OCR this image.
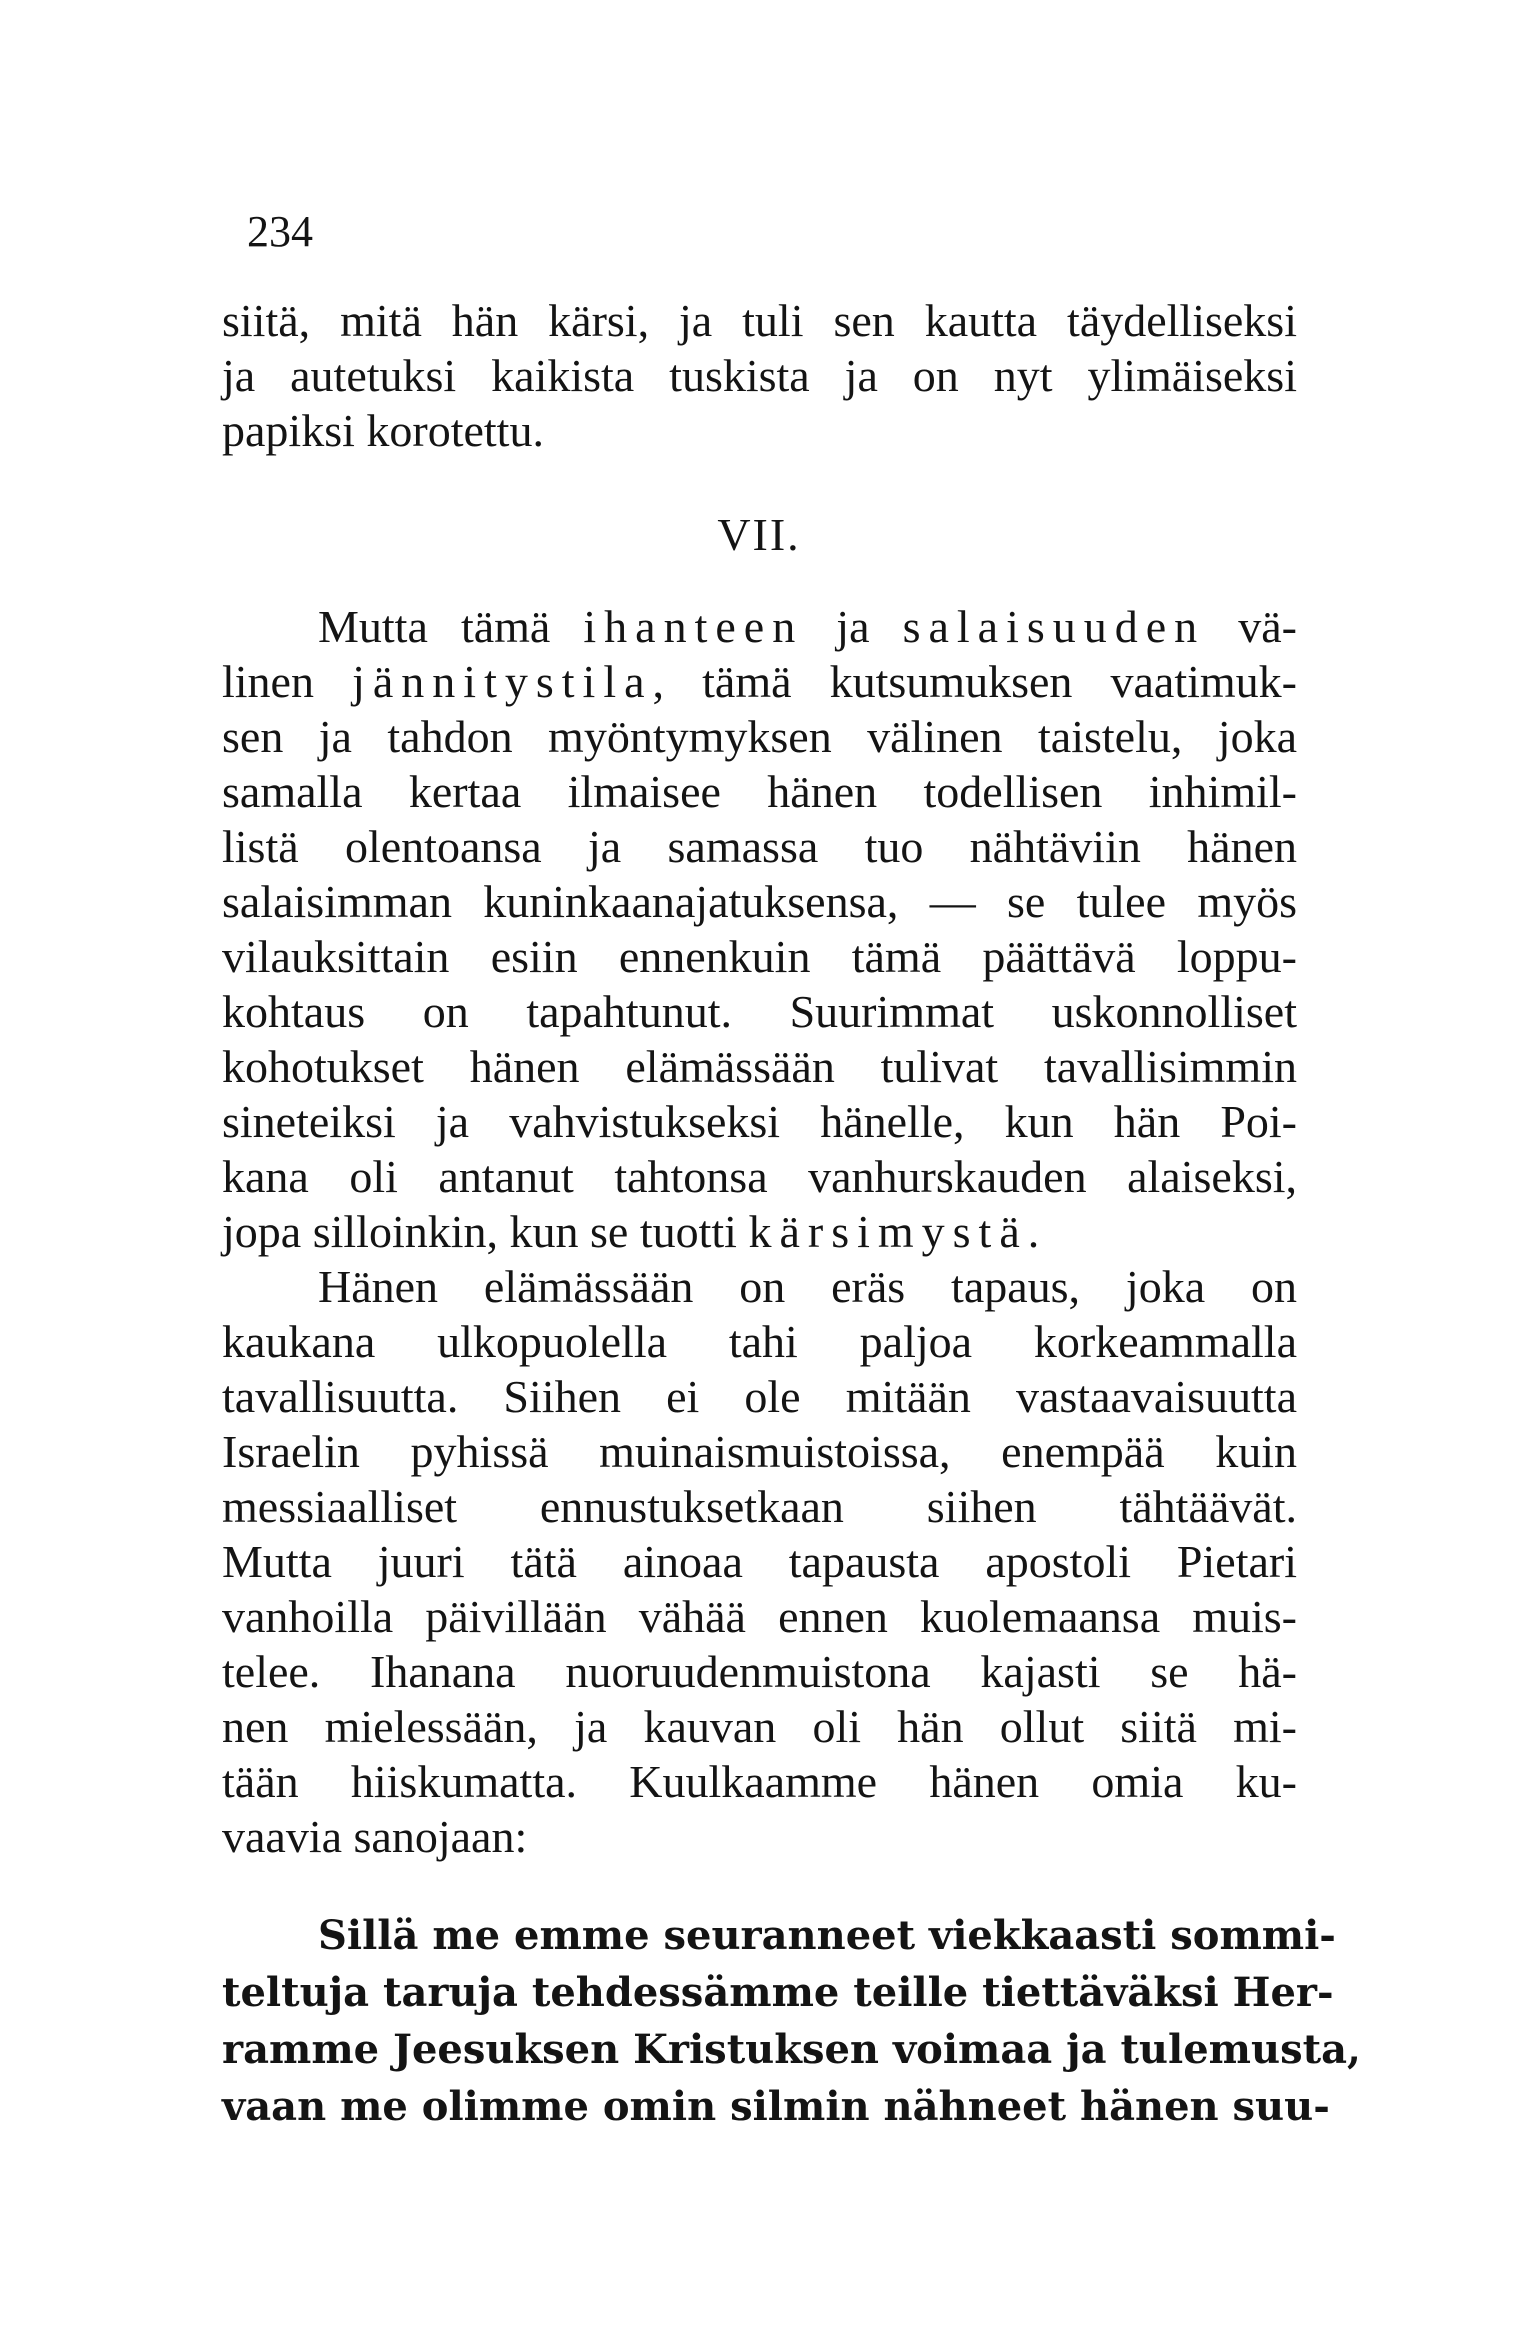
234
siitä, mitä hän kärsi, ja tuli sen kautta täydelliseksi
ja autetuksi kaikista tuskista ja on nyt ylimäiseksi
papiksi korotettu.
VII.
Mutta tämä ihanteen ja salaisuuden vä-
linen jännitystila, tämä kutsumuksen vaatimuk-
sen ja tahdon myöntymyksen välinen taistelu, joka
samalla kertaa ilmaisee hänen todellisen inhimil-
listä olentoansa ja samassa tuo nähtäviin hänen
salaisimman kuninkaanajatuksensa, — se tulee myös
vilauksittain esiin ennenkuin tämä päättävä loppu-
kohtaus on tapahtunut. Suurimmat uskonnolliset
kohotukset hänen elämässään tulivat tavallisimmin
sineteiksi ja vahvistukseksi hänelle, kun hän Poi-
kana oli antanut tahtonsa vanhurskauden alaiseksi,
jopa silloinkin, kun se tuotti kärsimystä.
Hänen elämässään on eräs tapaus, joka on
kaukana ulkopuolella tahi paljoa korkeammalla
tavallisuutta. Siihen ei ole mitään vastaavaisuutta
Israelin pyhissä muinaismuistoissa, enempää kuin
messiaalliset ennustuksetkaan siihen tähtäävät.
Mutta juuri tätä ainoaa tapausta apostoli Pietari
vanhoilla päivillään vähää ennen kuolemaansa muis-
telee. Ihanana nuoruudenmuistona kajasti se hä-
nen mielessään, ja kauvan oli hän ollut siitä mi-
tään hiiskumatta. Kuulkaamme hänen omia ku-
vaavia sanojaan:
Sillä me emme seuranneet viekkaasti sommi-
teltuja taruja tehdessämme teille tiettäväksi Her-
ramme Jeesuksen Kristuksen voimaa ja tulemusta,
vaan me olimme omin silmin nähneet hänen suu-
